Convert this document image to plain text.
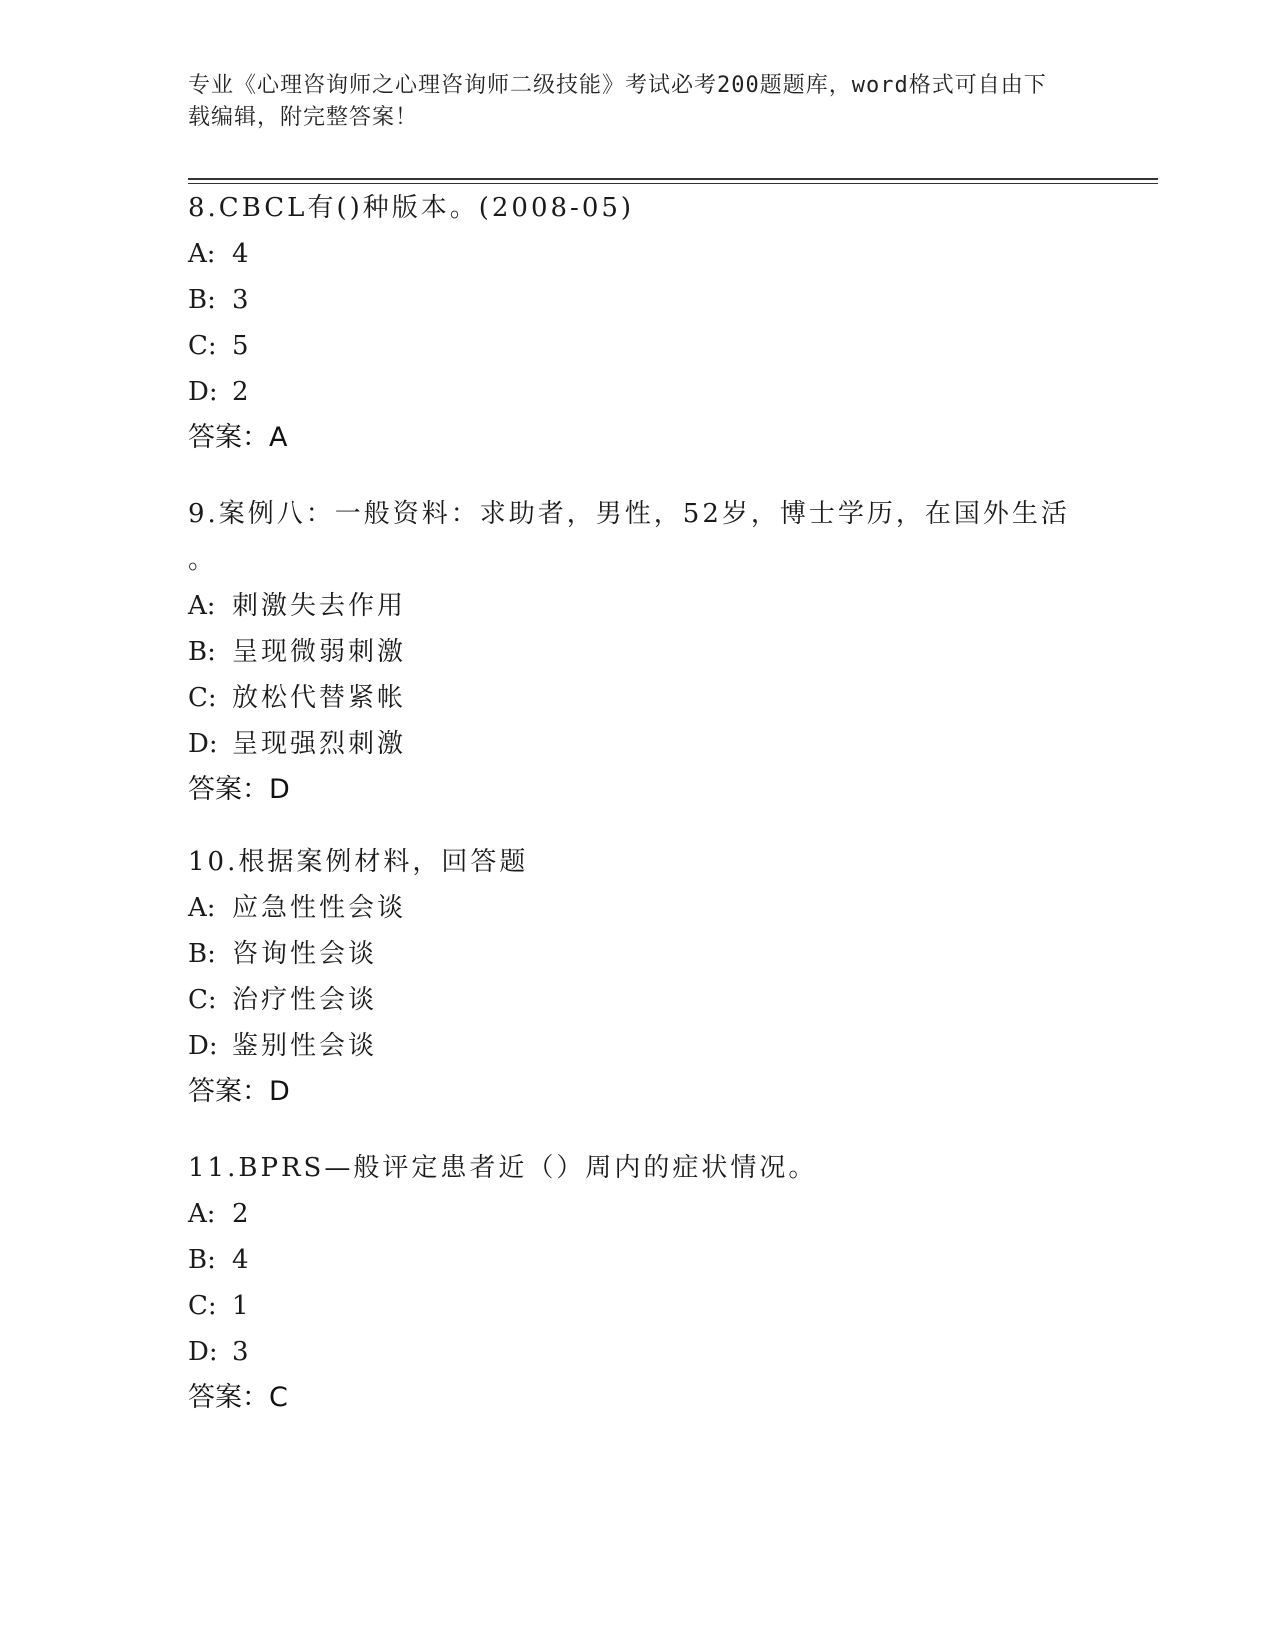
专业《心理咨询师之心理咨询师二级技能》考试必考200题题库，word格式可自由下载编辑，附完整答案！
8.CBCL有()种版本。(2008-05)
A: 4
B: 3
C: 5
D: 2
答案：A
9.案例八：一般资料：求助者，男性，52岁，博士学历，在国外生活
。
A: 刺激失去作用
B: 呈现微弱刺激
C: 放松代替紧帐
D: 呈现强烈刺激
答案：D
10.根据案例材料，回答题
A: 应急性性会谈
B: 咨询性会谈
C: 治疗性会谈
D: 鉴别性会谈
答案：D
11.BPRS—般评定患者近（）周内的症状情况。
A: 2
B: 4
C: 1
D: 3
答案：C
